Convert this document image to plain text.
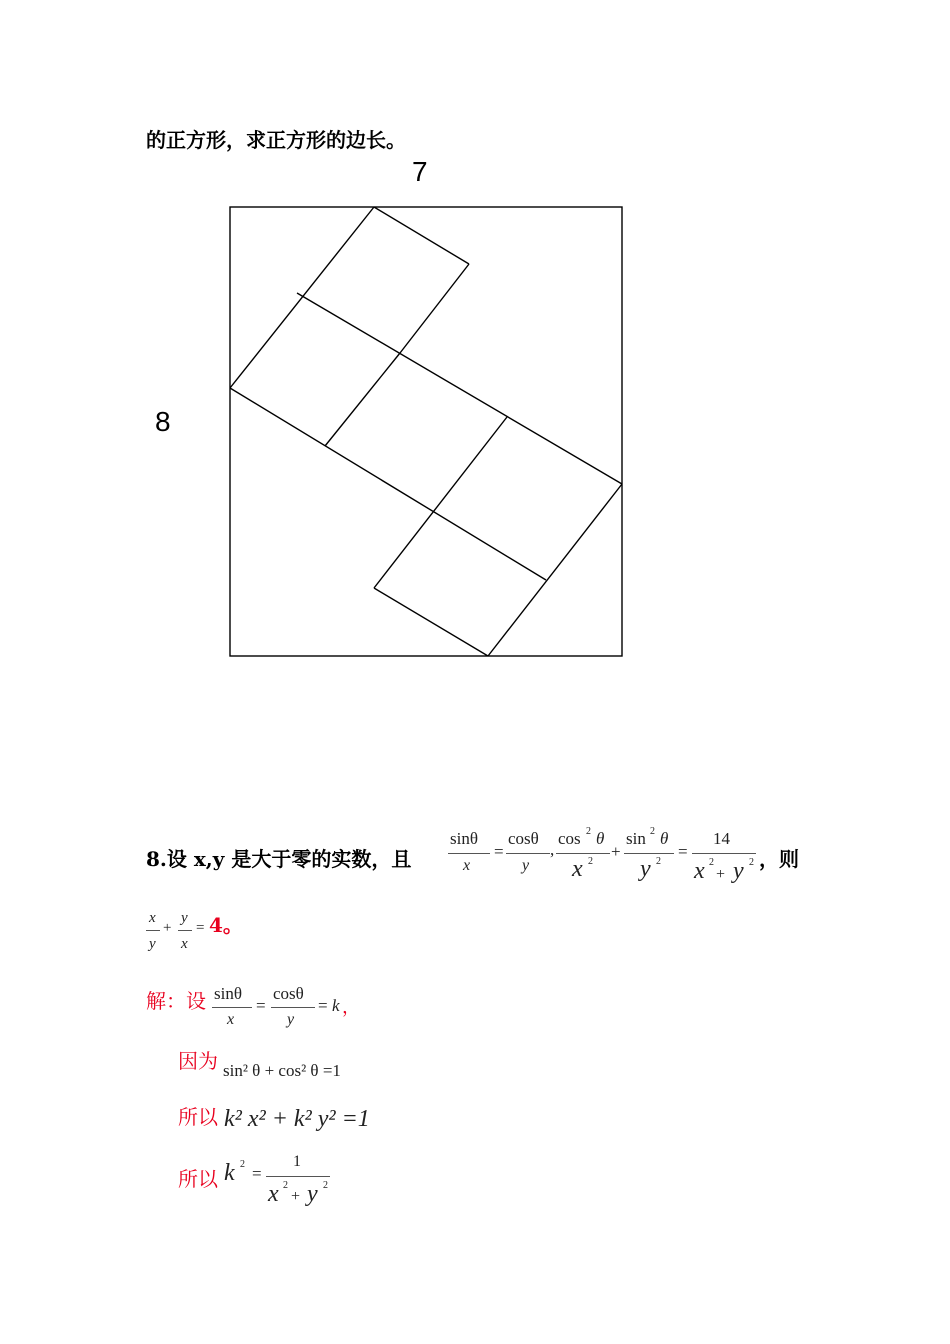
的正方形，求正方形的边长。
7
8
8.设 x,y 是大于零的实数，且
sinθ
x
=
cosθ
y
,
cos 2 θ
x 2
+
sin 2 θ
y 2
=
14
x 2
+ y 2 ，则
x
y
+
y
x
= 4。
解：设 sinθ
x
=
cosθ
y
= k ，
因为 sin² θ + cos² θ =1
所以 k² x² + k² y² =1
所以 k 2 =
1
x 2
+ y 2
